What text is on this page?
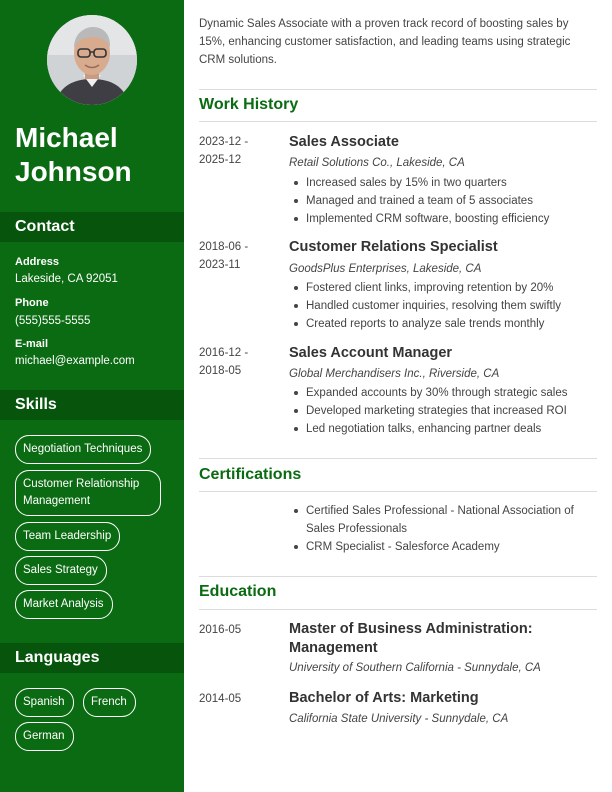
Michael
Johnson
Contact
Address
Lakeside, CA 92051
Phone
(555)555-5555
E-mail
michael@example.com
Skills
Negotiation Techniques
Customer Relationship Management
Team Leadership
Sales Strategy
Market Analysis
Languages
Spanish	French
German
Dynamic Sales Associate with a proven track record of boosting sales by 15%, enhancing customer satisfaction, and leading teams using strategic CRM solutions.
Work History
2023-12 -
2025-12
Sales Associate
Retail Solutions Co., Lakeside, CA
Increased sales by 15% in two quarters
Managed and trained a team of 5 associates
Implemented CRM software, boosting efficiency
2018-06 -
2023-11
Customer Relations Specialist
GoodsPlus Enterprises, Lakeside, CA
Fostered client links, improving retention by 20%
Handled customer inquiries, resolving them swiftly
Created reports to analyze sale trends monthly
2016-12 -
2018-05
Sales Account Manager
Global Merchandisers Inc., Riverside, CA
Expanded accounts by 30% through strategic sales
Developed marketing strategies that increased ROI
Led negotiation talks, enhancing partner deals
Certifications
Certified Sales Professional - National Association of Sales Professionals
CRM Specialist - Salesforce Academy
Education
2016-05	Master of Business Administration:
Management
University of Southern California - Sunnydale, CA
2014-05	Bachelor of Arts: Marketing
California State University - Sunnydale, CA
